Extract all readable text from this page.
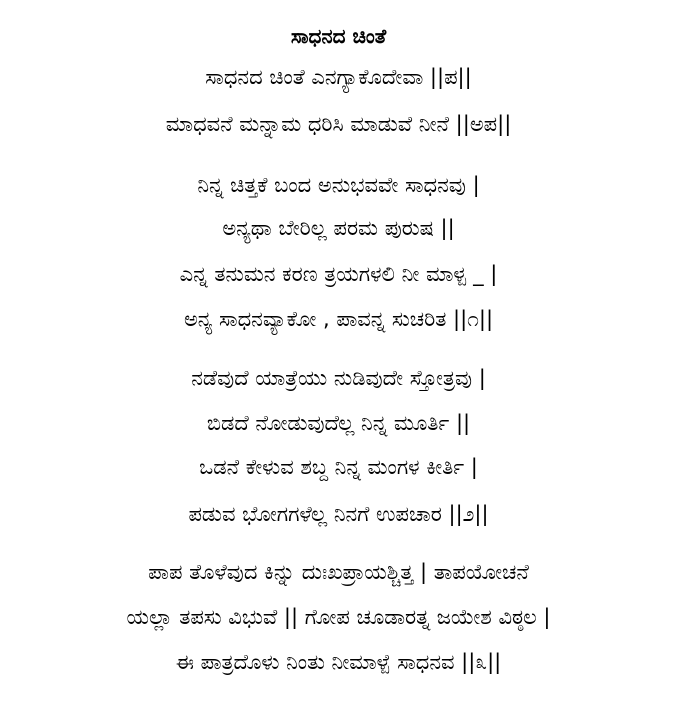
ಸಾಧನದ ಚಿಂತೆ
ಸಾಧನದ ಚಿಂತೆ ಎನಗ್ಯಾಕೊದೇವಾ ||ಪ||
ಮಾಧವನೆ ಮನ್ನಾಮ ಧರಿಸಿ ಮಾಡುವೆ ನೀನೆ ||ಅಪ||
ನಿನ್ನ ಚಿತ್ತಕೆ ಬಂದ ಅನುಭವವೇ ಸಾಧನವು |
ಅನ್ಯಥಾ ಬೇರಿಲ್ಲ ಪರಮ ಪುರುಷ ||
ಎನ್ನ ತನುಮನ ಕರಣ ತ್ರಯಗಳಲಿ ನೀ ಮಾಳ್ಪ _ |
ಅನ್ಯ ಸಾಧನವ್ಯಾಕೋ , ಪಾವನ್ನ ಸುಚರಿತ ||೧||
ನಡೆವುದೆ ಯಾತ್ರೆಯು ನುಡಿವುದೇ ಸ್ತೋತ್ರವು |
ಬಿಡದೆ ನೋಡುವುದೆಲ್ಲ ನಿನ್ನ ಮೂರ್ತಿ ||
ಒಡನೆ ಕೇಳುವ ಶಬ್ದ ನಿನ್ನ ಮಂಗಳ ಕೀರ್ತಿ |
ಪಡುವ ಭೋಗಗಳೆಲ್ಲ ನಿನಗೆ ಉಪಚಾರ ||೨||
ಪಾಪ ತೊಳೆವುದ ಕಿನ್ನು ದುಃಖಪ್ರಾಯಶ್ಚಿತ್ತ | ತಾಪಯೋಚನೆ
ಯಲ್ಲಾ ತಪಸು ವಿಭುವೆ || ಗೋಪ ಚೂಡಾರತ್ನ ಜಯೇಶ ವಿಠ್ಠಲ |
ಈ ಪಾತ್ರದೊಳು ನಿಂತು ನೀಮಾಳ್ಪೆ ಸಾಧನವ ||೩||
